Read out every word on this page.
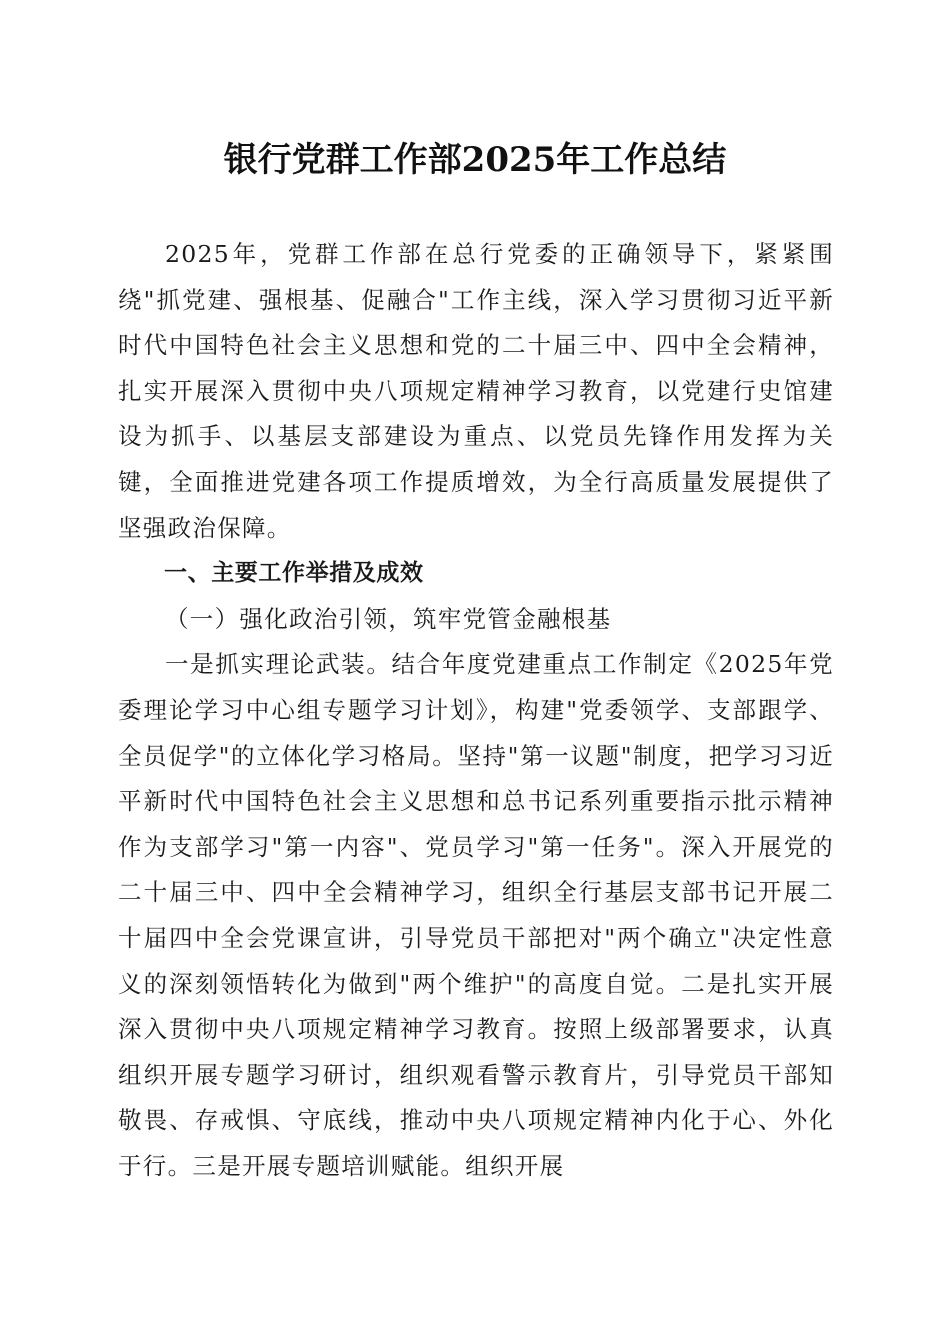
银行党群工作部2025年工作总结

2025年，党群工作部在总行党委的正确领导下，紧紧围绕"抓党建、强根基、促融合"工作主线，深入学习贯彻习近平新时代中国特色社会主义思想和党的二十届三中、四中全会精神，扎实开展深入贯彻中央八项规定精神学习教育，以党建行史馆建设为抓手、以基层支部建设为重点、以党员先锋作用发挥为关键，全面推进党建各项工作提质增效，为全行高质量发展提供了坚强政治保障。

一、主要工作举措及成效

（一）强化政治引领，筑牢党管金融根基

一是抓实理论武装。结合年度党建重点工作制定《2025年党委理论学习中心组专题学习计划》，构建"党委领学、支部跟学、全员促学"的立体化学习格局。坚持"第一议题"制度，把学习习近平新时代中国特色社会主义思想和总书记系列重要指示批示精神作为支部学习"第一内容"、党员学习"第一任务"。深入开展党的二十届三中、四中全会精神学习，组织全行基层支部书记开展二十届四中全会党课宣讲，引导党员干部把对"两个确立"决定性意义的深刻领悟转化为做到"两个维护"的高度自觉。二是扎实开展深入贯彻中央八项规定精神学习教育。按照上级部署要求，认真组织开展专题学习研讨，组织观看警示教育片，引导党员干部知敬畏、存戒惧、守底线，推动中央八项规定精神内化于心、外化于行。三是开展专题培训赋能。组织开展
